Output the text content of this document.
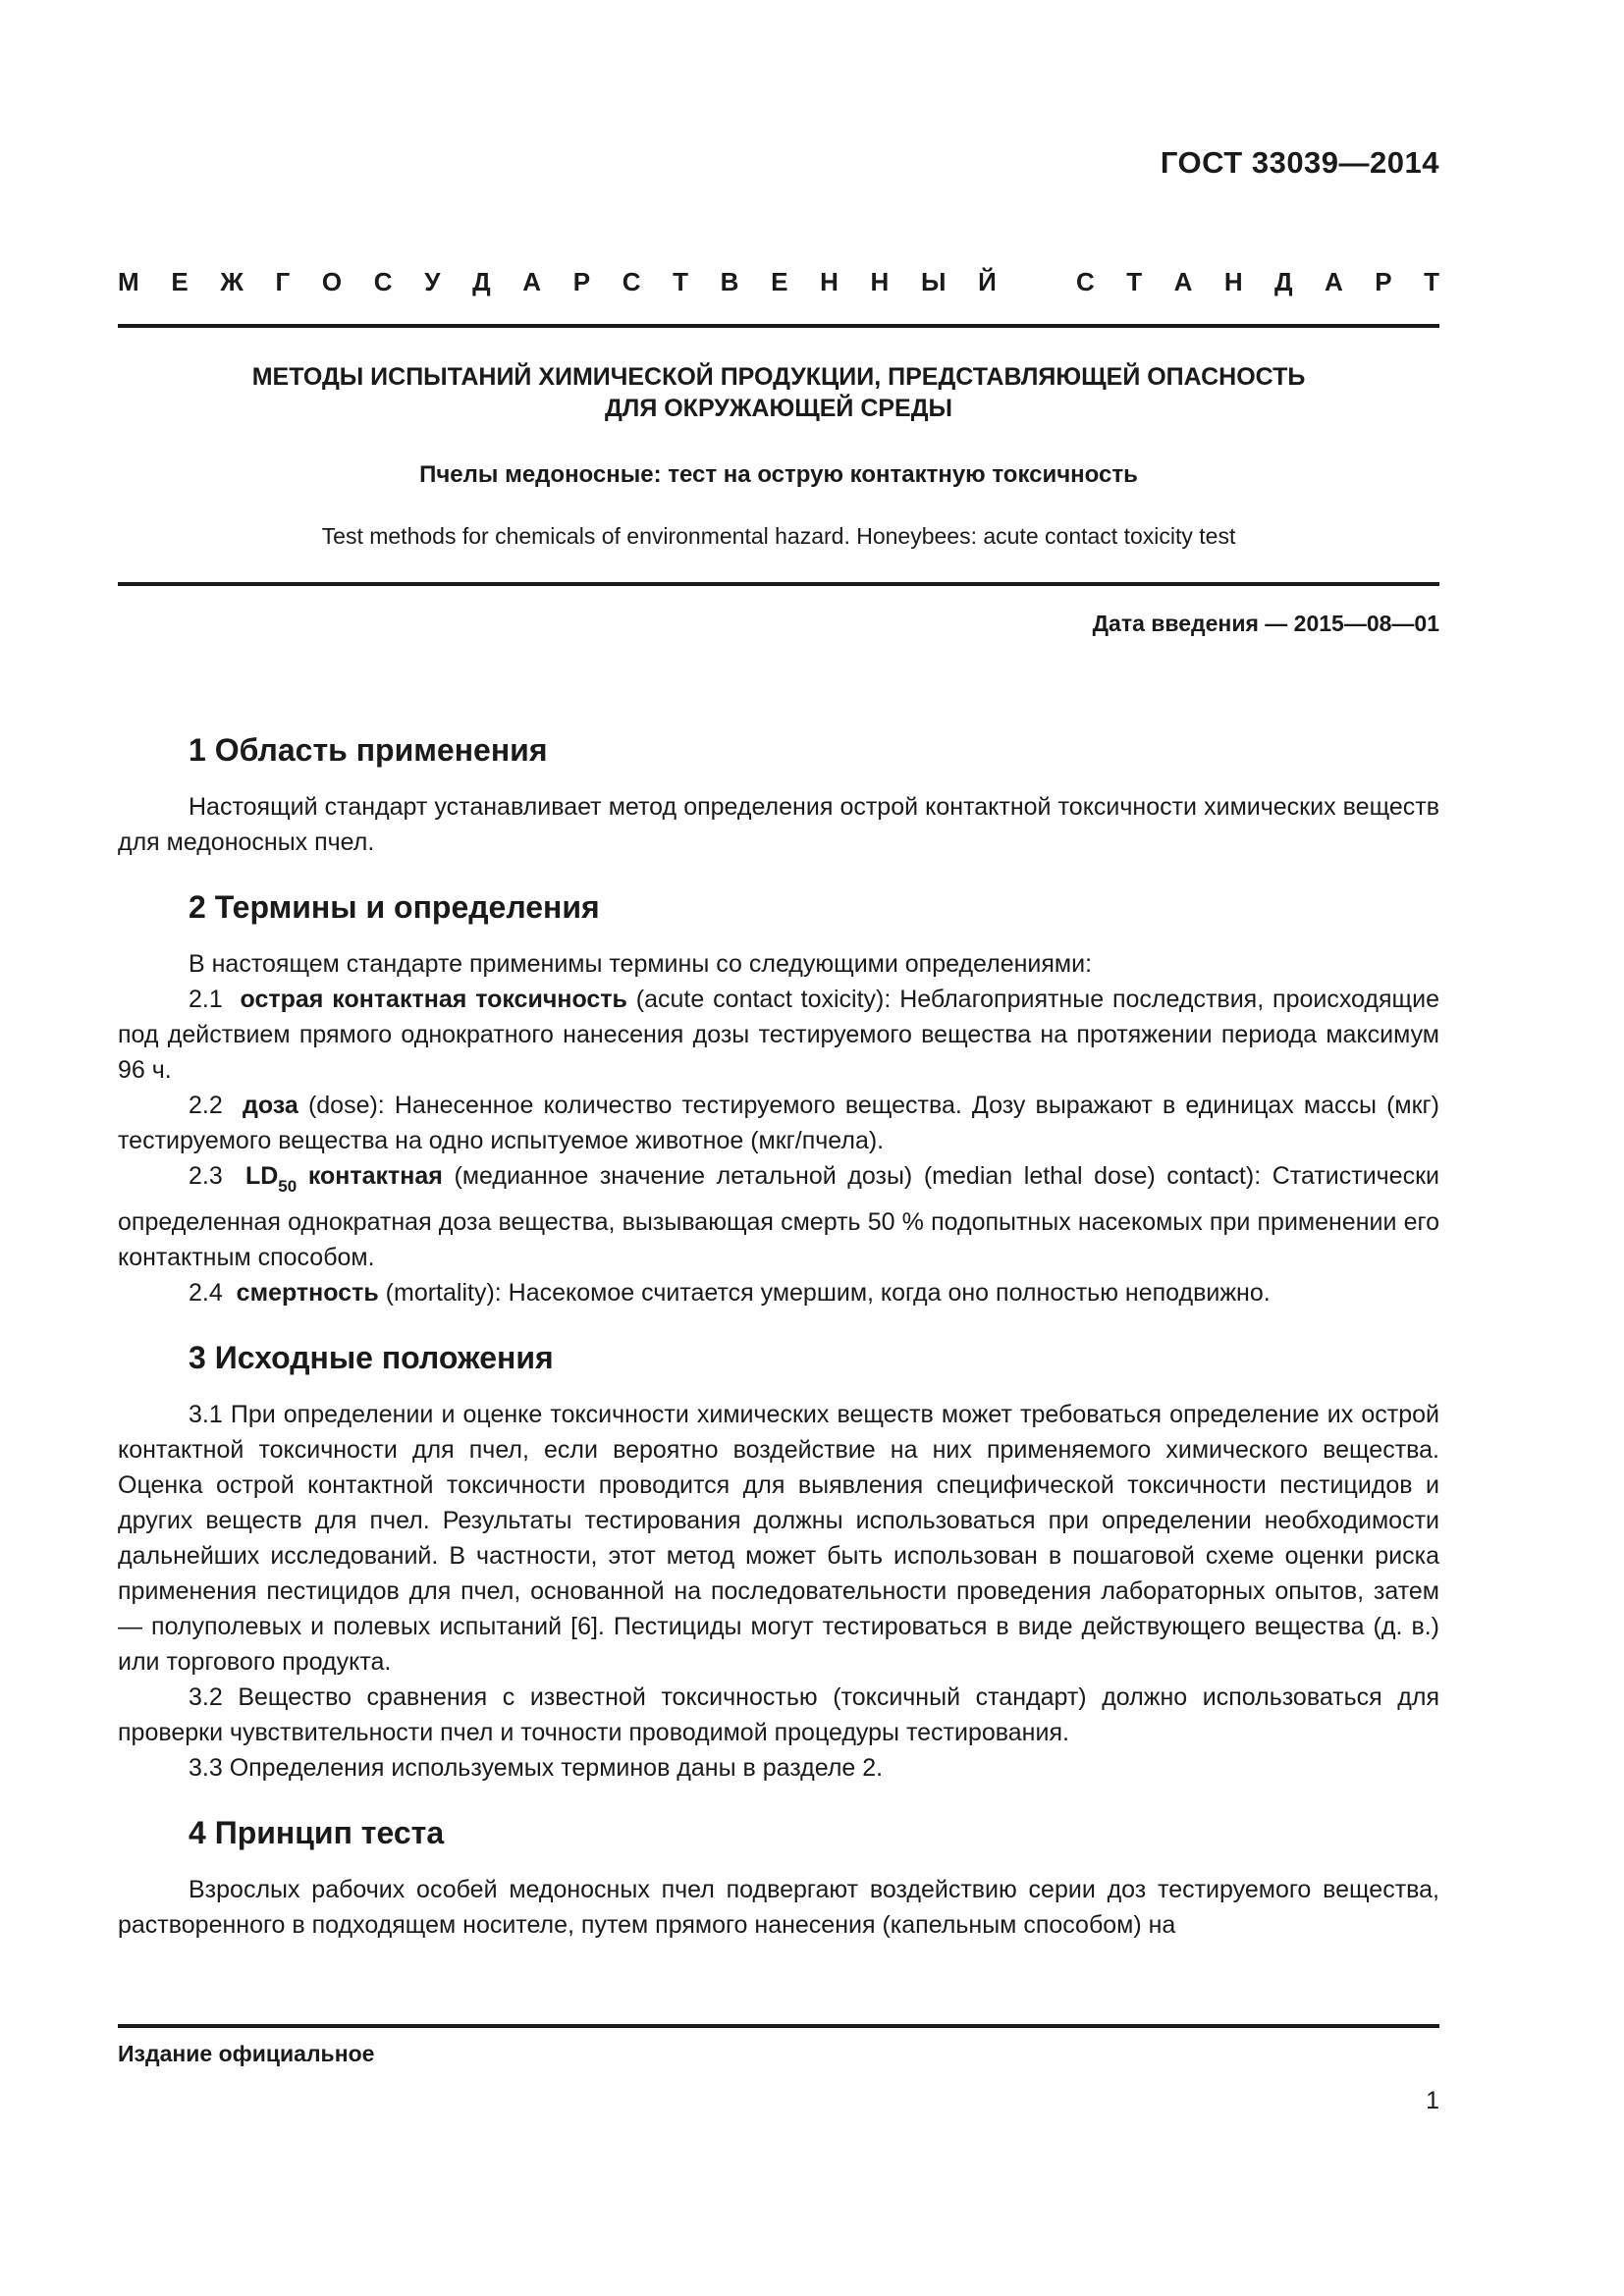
ГОСТ 33039—2014
М Е Ж Г О С У Д А Р С Т В Е Н Н Ы Й	С Т А Н Д А Р Т
МЕТОДЫ ИСПЫТАНИЙ ХИМИЧЕСКОЙ ПРОДУКЦИИ, ПРЕДСТАВЛЯЮЩЕЙ ОПАСНОСТЬ
ДЛЯ ОКРУЖАЮЩЕЙ СРЕДЫ
Пчелы медоносные: тест на острую контактную токсичность
Test methods for chemicals of environmental hazard. Honeybees: acute contact toxicity test
Дата введения — 2015—08—01
1 Область применения

Настоящий стандарт устанавливает метод определения острой контактной токсичности химических веществ для медоносных пчел.

2 Термины и определения

В настоящем стандарте применимы термины со следующими определениями:

2.1 острая контактная токсичность (acute contact toxicity): Неблагоприятные последствия, происходящие под действием прямого однократного нанесения дозы тестируемого вещества на протяжении периода максимум 96 ч.

2.2 доза (dose): Нанесенное количество тестируемого вещества. Дозу выражают в единицах массы (мкг) тестируемого вещества на одно испытуемое животное (мкг/пчела).

2.3 $LD_{50}$ контактная (медианное значение летальной дозы) (median lethal dose) contact): Статистически определенная однократная доза вещества, вызывающая смерть 50 % подопытных насекомых при применении его контактным способом.

2.4 смертность (mortality): Насекомое считается умершим, когда оно полностью неподвижно.

3 Исходные положения

3.1 При определении и оценке токсичности химических веществ может требоваться определение их острой контактной токсичности для пчел, если вероятно воздействие на них применяемого химического вещества. Оценка острой контактной токсичности проводится для выявления специфической токсичности пестицидов и других веществ для пчел. Результаты тестирования должны использоваться при определении необходимости дальнейших исследований. В частности, этот метод может быть использован в пошаговой схеме оценки риска применения пестицидов для пчел, основанной на последовательности проведения лабораторных опытов, затем — полуполевых и полевых испытаний [6]. Пестициды могут тестироваться в виде действующего вещества (д. в.) или торгового продукта.

3.2 Вещество сравнения с известной токсичностью (токсичный стандарт) должно использоваться для проверки чувствительности пчел и точности проводимой процедуры тестирования.

3.3 Определения используемых терминов даны в разделе 2.

4 Принцип теста

Взрослых рабочих особей медоносных пчел подвергают воздействию серии доз тестируемого вещества, растворенного в подходящем носителе, путем прямого нанесения (капельным способом) на

Издание официальное
1
